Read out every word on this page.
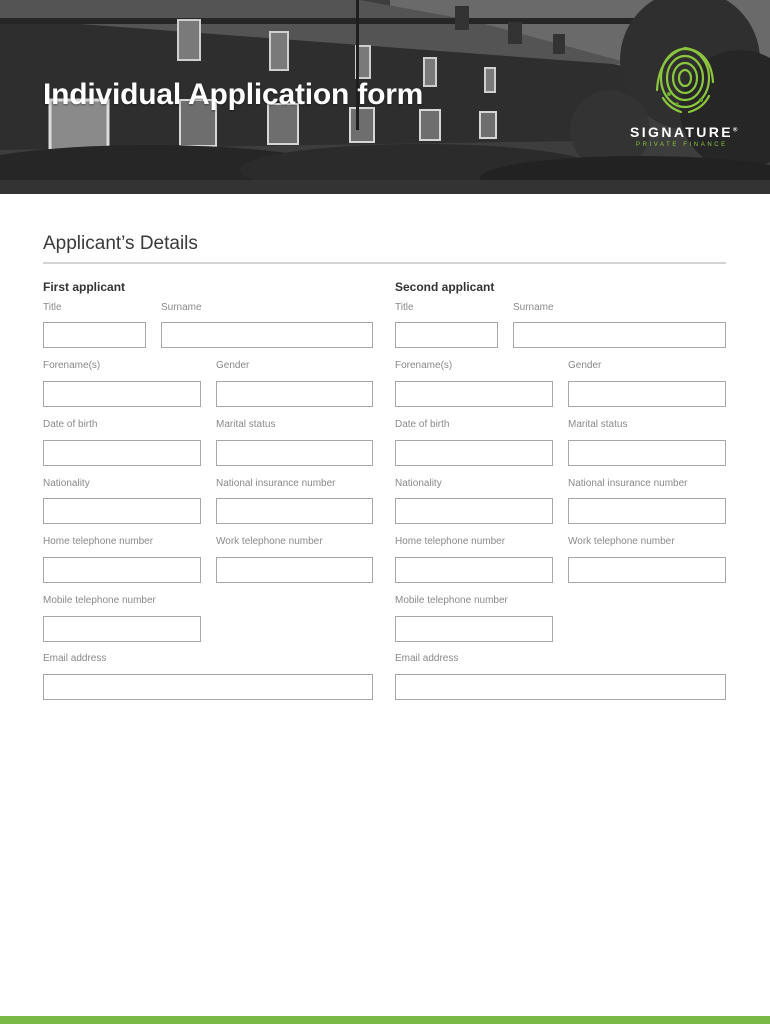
Individual Application form
SIGNATURE®
PRIVATE FINANCE
Applicant’s Details
First applicant
Title	Surname
Forename(s)	Gender
Date of birth	Marital status
Nationality	National insurance number
Home telephone number	Work telephone number
Mobile telephone number
Email address
Second applicant
Title	Surname
Forename(s)	Gender
Date of birth	Marital status
Nationality	National insurance number
Home telephone number	Work telephone number
Mobile telephone number
Email address
